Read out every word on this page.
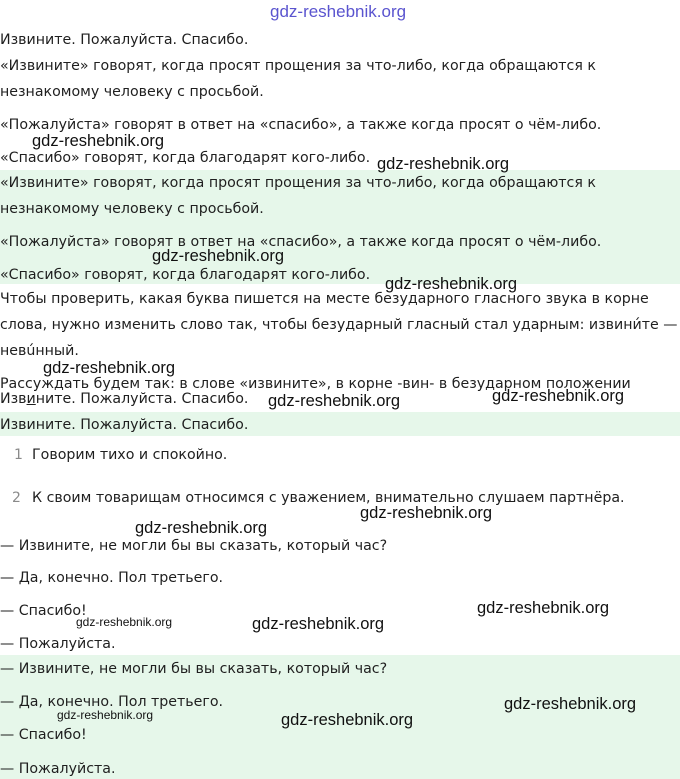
gdz-reshebnik.org
Извините. Пожалуйста. Спасибо.
«Извините» говорят, когда просят прощения за что-либо, когда обращаются к
незнакомому человеку с просьбой.
«Пожалуйста» говорят в ответ на «спасибо», а также когда просят о чём-либо.
«Спасибо» говорят, когда благодарят кого-либо.
«Извините» говорят, когда просят прощения за что-либо, когда обращаются к
незнакомому человеку с просьбой.
«Пожалуйста» говорят в ответ на «спасибо», а также когда просят о чём-либо.
«Спасибо» говорят, когда благодарят кого-либо.
Чтобы проверить, какая буква пишется на месте безударного гласного звука в корне
слова, нужно изменить слово так, чтобы безударный гласный стал ударным: извини́те —
невúнный.
Рассуждать будем так: в слове «извините», в корне -вин- в безударном положении
Извините. Пожалуйста. Спасибо.
Извините. Пожалуйста. Спасибо.
1 Говорим тихо и спокойно.
2 К своим товарищам относимся с уважением, внимательно слушаем партнёра.
— Извините, не могли бы вы сказать, который час?
— Да, конечно. Пол третьего.
— Спасибо!
— Пожалуйста.
— Извините, не могли бы вы сказать, который час?
— Да, конечно. Пол третьего.
— Спасибо!
— Пожалуйста.
gdz-reshebnik.org
gdz-reshebnik.org
gdz-reshebnik.org
gdz-reshebnik.org
gdz-reshebnik.org
gdz-reshebnik.org	gdz-reshebnik.org
gdz-reshebnik.org
gdz-reshebnik.org
gdz-reshebnik.org
gdz-reshebnik.org	gdz-reshebnik.org
gdz-reshebnik.org
gdz-reshebnik.org	gdz-reshebnik.org
